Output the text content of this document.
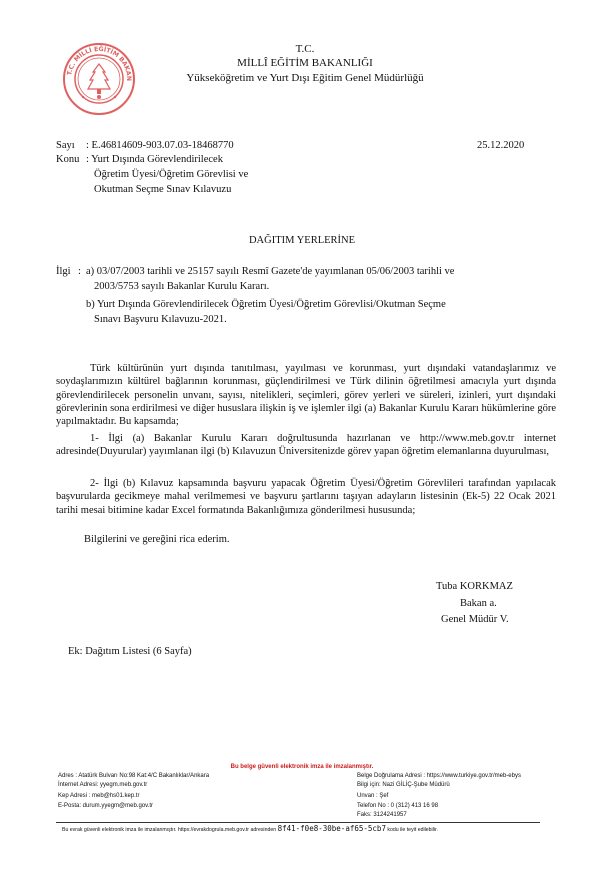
T.C. MİLLİ EĞİTİM BAKAN
T.C.
MİLLÎ EĞİTİM BAKANLIĞI
Yükseköğretim ve Yurt Dışı Eğitim Genel Müdürlüğü
Sayı : E.46814609-903.07.03-18468770	25.12.2020
Konu : Yurt Dışında Görevlendirilecek
Öğretim Üyesi/Öğretim Görevlisi ve
Okutman Seçme Sınav Kılavuzu
DAĞITIM YERLERİNE
İlgi : a) 03/07/2003 tarihli ve 25157 sayılı Resmî Gazete'de yayımlanan 05/06/2003 tarihli ve
2003/5753 sayılı Bakanlar Kurulu Kararı.
b) Yurt Dışında Görevlendirilecek Öğretim Üyesi/Öğretim Görevlisi/Okutman Seçme
Sınavı Başvuru Kılavuzu-2021.
Türk kültürünün yurt dışında tanıtılması, yayılması ve korunması, yurt dışındaki vatandaşlarımız ve soydaşlarımızın kültürel bağlarının korunması, güçlendirilmesi ve Türk dilinin öğretilmesi amacıyla yurt dışında görevlendirilecek personelin unvanı, sayısı, nitelikleri, seçimleri, görev yerleri ve süreleri, izinleri, yurt dışındaki görevlerinin sona erdirilmesi ve diğer hususlara ilişkin iş ve işlemler ilgi (a) Bakanlar Kurulu Kararı hükümlerine göre yapılmaktadır. Bu kapsamda;
1- İlgi (a) Bakanlar Kurulu Kararı doğrultusunda hazırlanan ve http://www.meb.gov.tr internet adresinde(Duyurular) yayımlanan ilgi (b) Kılavuzun Üniversitenizde görev yapan öğretim elemanlarına duyurulması,
2- İlgi (b) Kılavuz kapsamında başvuru yapacak Öğretim Üyesi/Öğretim Görevlileri tarafından yapılacak başvurularda gecikmeye mahal verilmemesi ve başvuru şartlarını taşıyan adayların listesinin (Ek-5) 22 Ocak 2021 tarihi mesai bitimine kadar Excel formatında Bakanlığımıza gönderilmesi hususunda;
Bilgilerini ve gereğini rica ederim.
Tuba KORKMAZ
Bakan a.
Genel Müdür V.
Ek: Dağıtım Listesi (6 Sayfa)
Bu belge güvenli elektronik imza ile imzalanmıştır.
Adres : Atatürk Bulvarı No:98 Kat:4/C Bakanlıklar/Ankara
İnternet Adresi: yyegm.meb.gov.tr
Kep Adresi : meb@hs01.kep.tr
E-Posta: durum.yyegm@meb.gov.tr
Belge Doğrulama Adresi : https://www.turkiye.gov.tr/meb-ebys
Bilgi için: Nazi GİLİÇ-Şube Müdürü
Unvan : Şef
Telefon No : 0 (312) 413 16 98
Faks: 3124241957
Bu evrak güvenli elektronik imza ile imzalanmıştır. https://evrakdogrula.meb.gov.tr adresinden 8f41-f0e8-30be-af65-5cb7 kodu ile teyit edilebilir.
